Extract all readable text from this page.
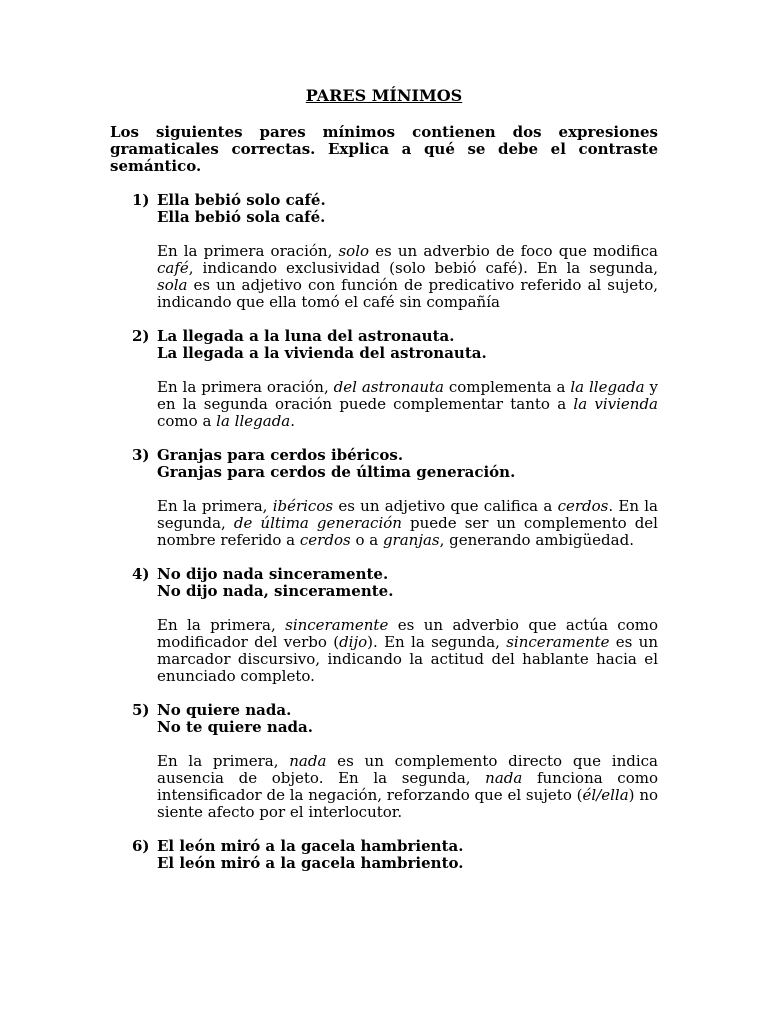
PARES MÍNIMOS
Los siguientes pares mínimos contienen dos expresiones gramaticales correctas. Explica a qué se debe el contraste semántico.
1) Ella bebió solo café.
Ella bebió sola café.
En la primera oración, solo es un adverbio de foco que modifica café, indicando exclusividad (solo bebió café). En la segunda, sola es un adjetivo con función de predicativo referido al sujeto, indicando que ella tomó el café sin compañía
2) La llegada a la luna del astronauta.
La llegada a la vivienda del astronauta.
En la primera oración, del astronauta complementa a la llegada y en la segunda oración puede complementar tanto a la vivienda como a la llegada.
3) Granjas para cerdos ibéricos.
Granjas para cerdos de última generación.
En la primera, ibéricos es un adjetivo que califica a cerdos. En la segunda, de última generación puede ser un complemento del nombre referido a cerdos o a granjas, generando ambigüedad.
4) No dijo nada sinceramente.
No dijo nada, sinceramente.
En la primera, sinceramente es un adverbio que actúa como modificador del verbo (dijo). En la segunda, sinceramente es un marcador discursivo, indicando la actitud del hablante hacia el enunciado completo.
5) No quiere nada.
No te quiere nada.
En la primera, nada es un complemento directo que indica ausencia de objeto. En la segunda, nada funciona como intensificador de la negación, reforzando que el sujeto (él/ella) no siente afecto por el interlocutor.
6) El león miró a la gacela hambrienta.
El león miró a la gacela hambriento.
